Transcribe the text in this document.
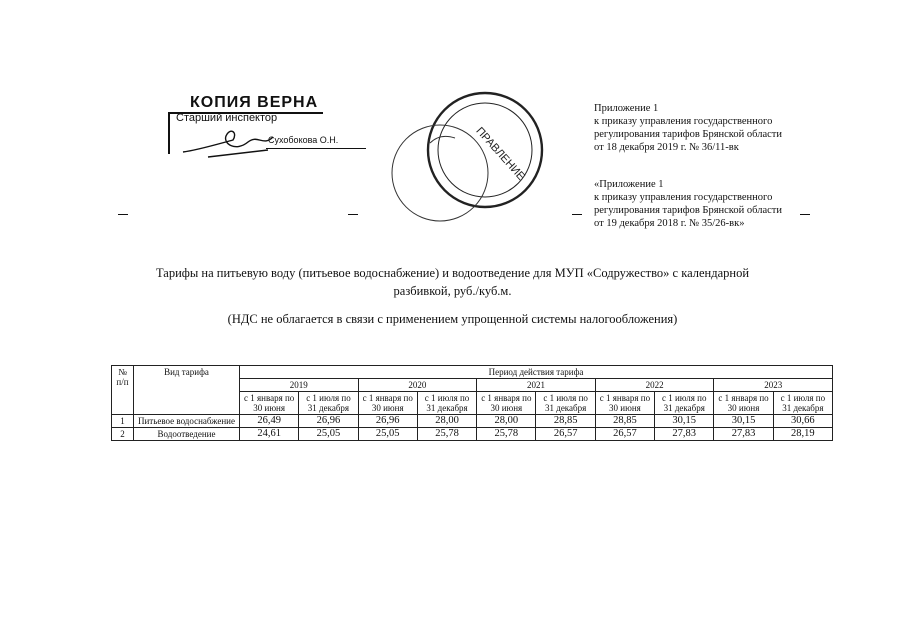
КОПИЯ ВЕРНА
Старший инспектор
Сухобокова О.Н.	ПРАВЛЕНИЕ
Приложение 1
к приказу управления государственного
регулирования тарифов Брянской области
от 18 декабря 2019 г. № 36/11-вк
«Приложение 1
к приказу управления государственного
регулирования тарифов Брянской области
от 19 декабря 2018 г. № 35/26-вк»
Тарифы на питьевую воду (питьевое водоснабжение) и водоотведение для МУП «Содружество» с календарной
разбивкой, руб./куб.м.
(НДС не облагается в связи с применением упрощенной системы налогообложения)
№ п/п	Вид тарифа	Период действия тарифа									
		2019		2020		2021		2022		2023	
		с 1 января по 30 июня	с 1 июля по 31 декабря	с 1 января по 30 июня	с 1 июля по 31 декабря	с 1 января по 30 июня	с 1 июля по 31 декабря	с 1 января по 30 июня	с 1 июля по 31 декабря	с 1 января по 30 июня	с 1 июля по 31 декабря
1	Питьевое водоснабжение	26,49	26,96	26,96	28,00	28,00	28,85	28,85	30,15	30,15	30,66
2	Водоотведение	24,61	25,05	25,05	25,78	25,78	26,57	26,57	27,83	27,83	28,19
